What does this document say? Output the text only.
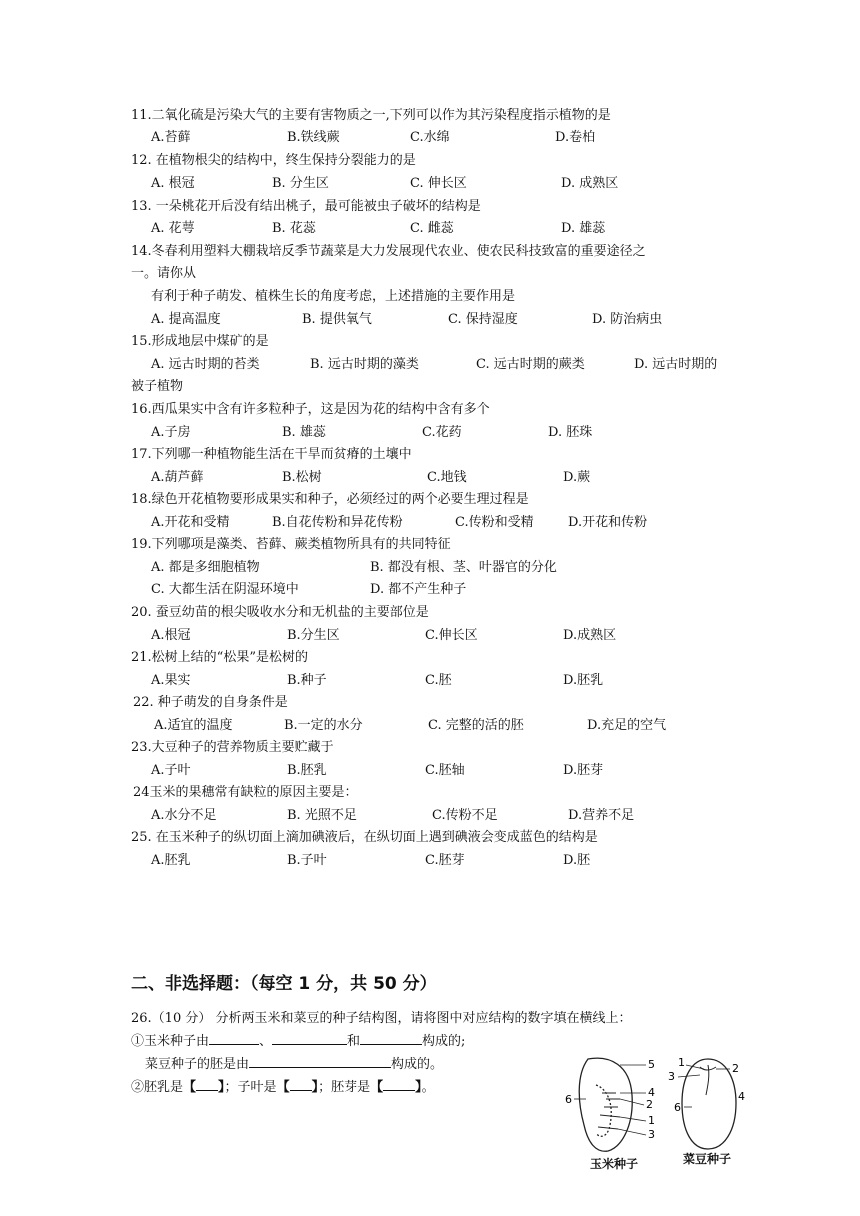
11.二氧化硫是污染大气的主要有害物质之一,下列可以作为其污染程度指示植物的是
A.苔藓	B.铁线蕨	C.水绵	D.卷柏
12. 在植物根尖的结构中，终生保持分裂能力的是
A. 根冠	B. 分生区	C. 伸长区	D. 成熟区
13. 一朵桃花开后没有结出桃子，最可能被虫子破坏的结构是
A. 花萼	B. 花蕊	C. 雌蕊	D. 雄蕊
14.冬春利用塑料大棚栽培反季节蔬菜是大力发展现代农业、使农民科技致富的重要途径之
一。请你从
有利于种子萌发、植株生长的角度考虑，上述措施的主要作用是
A. 提高温度	B. 提供氧气	C. 保持湿度	D. 防治病虫
15.形成地层中煤矿的是
A. 远古时期的苔类	B. 远古时期的藻类	C. 远古时期的蕨类	D. 远古时期的
被子植物
16.西瓜果实中含有许多粒种子，这是因为花的结构中含有多个
A.子房	B. 雄蕊	C.花药	D. 胚珠
17.下列哪一种植物能生活在干旱而贫瘠的土壤中
A.葫芦藓	B.松树	C.地钱	D.蕨
18.绿色开花植物要形成果实和种子，必须经过的两个必要生理过程是
A.开花和受精	B.自花传粉和异花传粉	C.传粉和受精	D.开花和传粉
19.下列哪项是藻类、苔藓、蕨类植物所具有的共同特征
A. 都是多细胞植物	B. 都没有根、茎、叶器官的分化
C. 大都生活在阴湿环境中	D. 都不产生种子
20. 蚕豆幼苗的根尖吸收水分和无机盐的主要部位是
A.根冠	B.分生区	C.伸长区	D.成熟区
21.松树上结的“松果”是松树的
A.果实	B.种子	C.胚	D.胚乳
22. 种子萌发的自身条件是
A.适宜的温度	B.一定的水分	C. 完整的活的胚	D.充足的空气
23.大豆种子的营养物质主要贮藏于
A.子叶	B.胚乳	C.胚轴	D.胚芽
24玉米的果穗常有缺粒的原因主要是：
A.水分不足	B. 光照不足	C.传粉不足	D.营养不足
25. 在玉米种子的纵切面上滴加碘液后，在纵切面上遇到碘液会变成蓝色的结构是
A.胚乳	B.子叶	C.胚芽	D.胚
二、非选择题：（每空 1 分，共 50 分）
26.（10 分） 分析两玉米和菜豆的种子结构图，请将图中对应结构的数字填在横线上：
①玉米种子由	、	和	构成的;
菜豆种子的胚是由	构成的。
②胚乳是【 】；子叶是【 】；胚芽是【 】。
5
4
2
1
3
6
1
3
2
4
6
玉米种子	菜豆种子
